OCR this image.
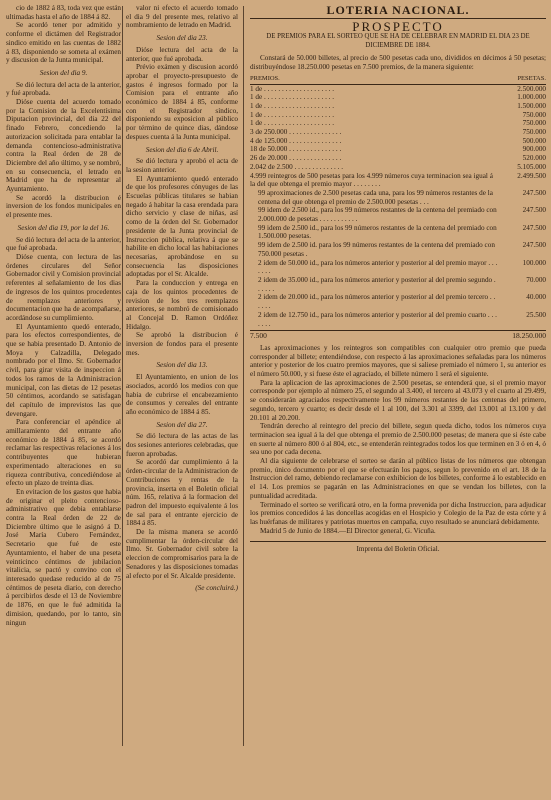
cio de 1882 á 83, toda vez que están ultimadas hasta el año de 1884 á 82.

Se acordó tener por admitido y conforme el dictámen del Registrador sindico emitido en las cuentas de 1882 á 83, disponiendo se someta al exámen y discusion de la Junta municipal.

Sesion del dia 9.

Se dió lectura del acta de la anterior, y fué aprobada.

Dióse cuenta del acuerdo tomado por la Comision de la Excelentísima Diputacion provincial, del dia 22 del finado Febrero, concediendo la autorizacion solicitada para entablar la demanda contencioso-administrativa contra la Real órden de 28 de Diciembre del año último, y se nombró, en su consecuencia, el letrado en Madrid que ha de representar al Ayuntamiento.

Se acordó la distribucion é inversion de los fondos municipales en el presente mes.

Sesion del dia 19, por la del 16.

Se dió lectura del acta de la anterior, que fué aprobada.

Dióse cuenta, con lectura de las órdenes circulares del Señor Gobernador civil y Comision provincial referentes al señalamiento de los dias de ingresos de los quintos procedentes de reemplazos anteriores y documentacion que ha de acompañarse, acordándose su cumplimiento.

El Ayuntamiento quedó enterado, para los efectos correspondientes, de que se habia presentado D. Antonio de Moya y Calzadilla, Delegado nombrado por el Ilmo. Sr. Gobernador civil, para girar visita de inspeccion á todos los ramos de la Administracion municipal, con las dietas de 12 pesetas 50 céntimos, acordando se satisfagan del capítulo de imprevistos las que devengare.

Para conferenciar el apéndice al amillaramiento del entrante año económico de 1884 á 85, se acordó reclamar las respectivas relaciones á los contribuyentes que hubieran experimentado alteraciones en su riqueza contributiva, concediéndose al efecto un plazo de treinta dias.

En evitacion de los gastos que habia de originar el pleito contencioso-administrativo que debia entablarse contra la Real órden de 22 de Diciembre último que le asignó á D. José María Cubero Fernández, Secretario que fué de este Ayuntamiento, el haber de una peseta veinticinco céntimos de jubilacion vitalicia, se pactó y convino con el interesado quedase reducido al de 75 céntimos de peseta diario, con derecho á percibirlos desde el 13 de Noviembre de 1876, en que le fué admitida la dimision, quedando, por lo tanto, sin ningun

valor ni efecto el acuerdo tomado el dia 9 del presente mes, relativo al nombramiento de letrado en Madrid.

Sesion del dia 23.

Dióse lectura del acta de la anterior, que fué aprobada.

Prévio exámen y discusion acordó aprobar el proyecto-presupuesto de gastos é ingresos formado por la Comision para el entrante año económico de 1884 á 85, conforme con el Registrador síndico, disponiendo su exposicion al público por término de quince dias, dándose despues cuenta á la Junta municipal.

Sesion del dia 6 de Abril.

Se dió lectura y aprobó el acta de la sesion anterior.

El Ayuntamiento quedó enterado de que los profesores cónyuges de las Escuelas públicas titulares se habian negado á habitar la casa erendada para dicho servicio y clase de niñas, así como de la órden del Sr. Gobernador presidente de la Junta provincial de Instruccion pública, relativa á que se habilite en dicho local las habitaciones necesarias, aprobándose en su consecuencia las disposiciones adoptadas por el Sr. Alcalde.

Para la conduccion y entrega en caja de los quintos procedentes de revision de los tres reemplazos anteriores, se nombró de comisionado al Concejal D. Ramon Ordóñez Hidalgo.

Se aprobó la distribucion é inversion de fondos para el presente mes.

Sesion del dia 13.

El Ayuntamiento, en union de los asociados, acordó los medios con que habia de cubrirse el encabezamiento de consumos y cereales del entrante año económico de 1884 á 85.

Sesion del dia 27.

Se dió lectura de las actas de las dos sesiones anteriores celebradas, que fueron aprobadas.

Se acordó dar cumplimiento á la órden-circular de la Administracion de Contribuciones y rentas de la provincia, inserta en el Boletin oficial núm. 165, relativa á la formacion del padron del impuesto equivalente á los de sal para el entrante ejercicio de 1884 á 85.

De la misma manera se acordó cumplimentar la órden-circular del Ilmo. Sr. Gobernador civil sobre la eleccion de compromisarios para la de Senadores y las disposiciones tomadas al efecto por el Sr. Alcalde presidente.

(Se concluirá.)

LOTERIA NACIONAL.
PROSPECTO
DE PREMIOS PARA EL SORTEO QUE SE HA DE CELEBRAR EN MADRID EL DIA 23 DE DICIEMBRE DE 1884.

Constará de 50.000 billetes, al precio de 500 pesetas cada uno, divididos en décimos á 50 pesetas; distribuyéndose 18.250.000 pesetas en 7.500 premios, de la manera siguiente:

PREMIOS.	PESETAS.
1 de . . . . . . . . . . . . . . . . . . . .	2.500.000
1 de . . . . . . . . . . . . . . . . . . . .	1.000.000
1 de . . . . . . . . . . . . . . . . . . . .	1.500.000
1 de . . . . . . . . . . . . . . . . . . . .	750.000
1 de . . . . . . . . . . . . . . . . . . . .	750.000
3 de 250.000 . . . . . . . . . . . . . . .	750.000
4 de 125.000 . . . . . . . . . . . . . . .	500.000
18 de 50.000 . . . . . . . . . . . . . . .	900.000
26 de 20.000 . . . . . . . . . . . . . . .	520.000
2.042 de 2.500 . . . . . . . . . . . . . .	5.105.000
4.999 reintegros de 500 pesetas para los 4.999 números cuya terminacion sea igual á la del que obtenga el premio mayor . . . . . . . .
2.499.500
99 aproximaciones de 2.500 pesetas cada una, para los 99 números restantes de la centena del que obtenga el premio de 2.500.000 pesetas . . .
247.500
99 idem de 2.500 id., para los 99 números restantes de la centena del premiado con 2.000.000 de pesetas . . . . . . . . . . .
247.500
99 idem de 2.500 id., para los 99 números restantes de la centena del premiado con 1.500.000 pesetas.
247.500
99 idem de 2.500 id. para los 99 números restantes de la centena del premiado con 750.000 pesetas .
247.500
2 idem de 50.000 id., para los números anterior y posterior al del premio mayor . . . . . . .
100.000
2 idem de 35.000 id., para los números anterior y posterior al del premio segundo . . . . . .
70.000
2 idem de 20.000 id., para los números anterior y posterior al del premio tercero . . . . . .
40.000
2 idem de 12.750 id., para los números anterior y posterior al del premio cuarto . . . . . . .
25.500
7.500	18.250.000

Las aproximaciones y los reintegros son compatibles con cualquier otro premio que pueda corresponder al billete; entendiéndose, con respecto á las aproximaciones señaladas para los números anterior y posterior de los cuatro premios mayores, que si saliese premiado el número 1, su anterior es el número 50.000, y si fuese éste el agraciado, el billete número 1 será el siguiente.

Para la aplicacion de las aproximaciones de 2.500 pesetas, se entenderá que, si el premio mayor corresponde por ejemplo al número 25, el segundo al 3.400, el tercero al 43.073 y el cuarto al 29.499, se considerarán agraciados respectivamente los 99 números restantes de las centenas del primero, segundo, tercero y cuarto; es decir desde el 1 al 100, del 3.301 al 3399, del 13.001 al 13.100 y del 20.101 al 20.200.

Tendrán derecho al reintegro del precio del billete, segun queda dicho, todos los números cuya terminacion sea igual á la del que obtenga el premio de 2.500.000 pesetas; de manera que si éste cabe en suerte al número 800 ó al 804, etc., se entenderán reintegrados todos los que terminen en 3 ó en 4, ó sea uno por cada decena.

Al dia siguiente de celebrarse el sorteo se darán al público listas de los números que obtengan premio, único documento por el que se efectuarán los pagos, segun lo prevenido en el art. 18 de la Instruccion del ramo, debiendo reclamarse con exhibicion de los billetes, conforme á lo establecido en el 14. Los premios se pagarán en las Administraciones en que se vendan los billetes, con la puntualidad acreditada.

Terminado el sorteo se verificará otro, en la forma prevenida por dicha Instruccion, para adjudicar los premios concedidos á las doncellas acogidas en el Hospicio y Colegio de la Paz de esta córte y á las huérfanas de militares y patriotas muertos en campaña, cuyo resultado se anunciará debidamente.

Madrid 5 de Junio de 1884.—El Director general, G. Vicuña.

Imprenta del Boletin Oficial.
